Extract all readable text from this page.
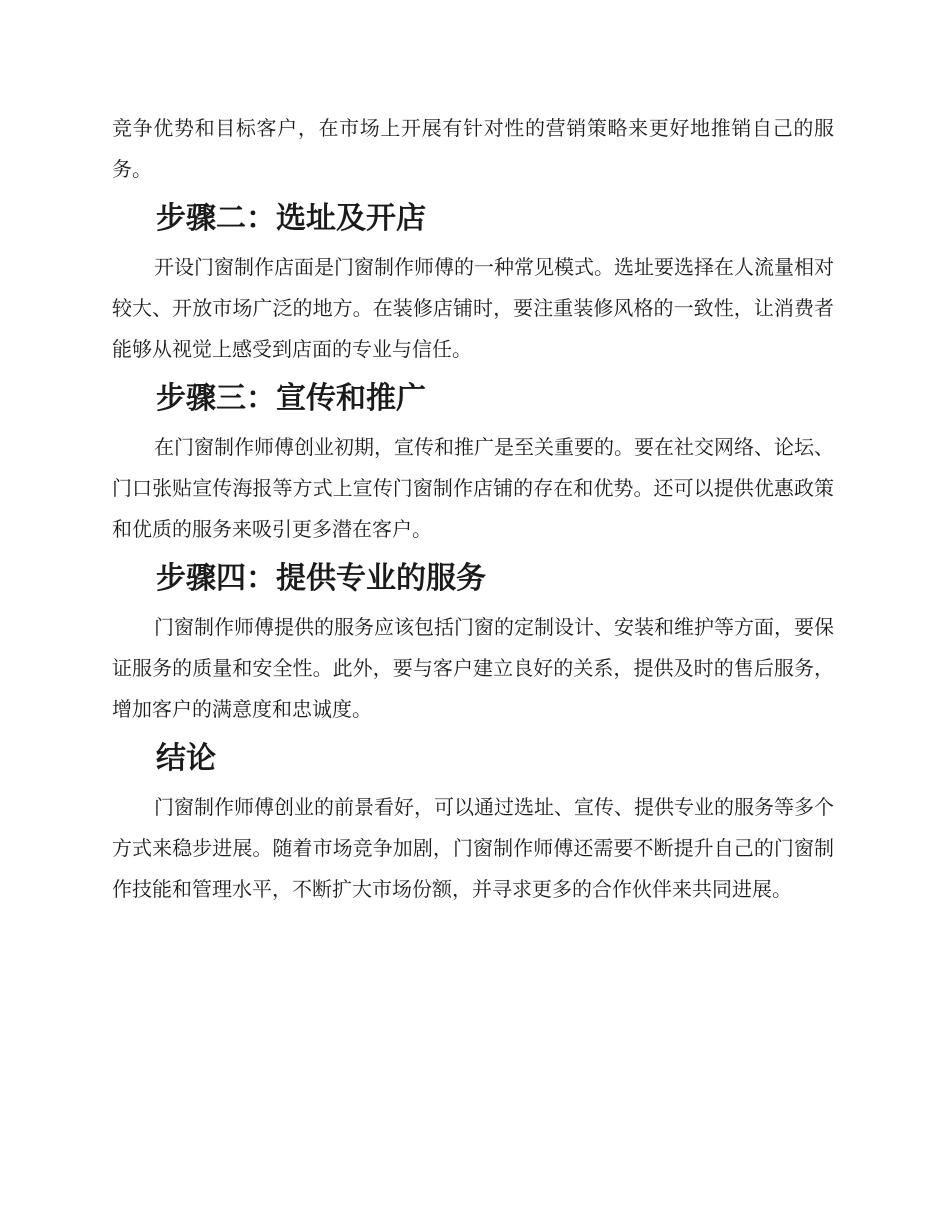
竞争优势和目标客户，在市场上开展有针对性的营销策略来更好地推销自己的服务。

步骤二：选址及开店

开设门窗制作店面是门窗制作师傅的一种常见模式。选址要选择在人流量相对较大、开放市场广泛的地方。在装修店铺时，要注重装修风格的一致性，让消费者能够从视觉上感受到店面的专业与信任。

步骤三：宣传和推广

在门窗制作师傅创业初期，宣传和推广是至关重要的。要在社交网络、论坛、门口张贴宣传海报等方式上宣传门窗制作店铺的存在和优势。还可以提供优惠政策和优质的服务来吸引更多潜在客户。

步骤四：提供专业的服务

门窗制作师傅提供的服务应该包括门窗的定制设计、安装和维护等方面，要保证服务的质量和安全性。此外，要与客户建立良好的关系，提供及时的售后服务，增加客户的满意度和忠诚度。

结论

门窗制作师傅创业的前景看好，可以通过选址、宣传、提供专业的服务等多个方式来稳步进展。随着市场竞争加剧，门窗制作师傅还需要不断提升自己的门窗制作技能和管理水平，不断扩大市场份额，并寻求更多的合作伙伴来共同进展。
